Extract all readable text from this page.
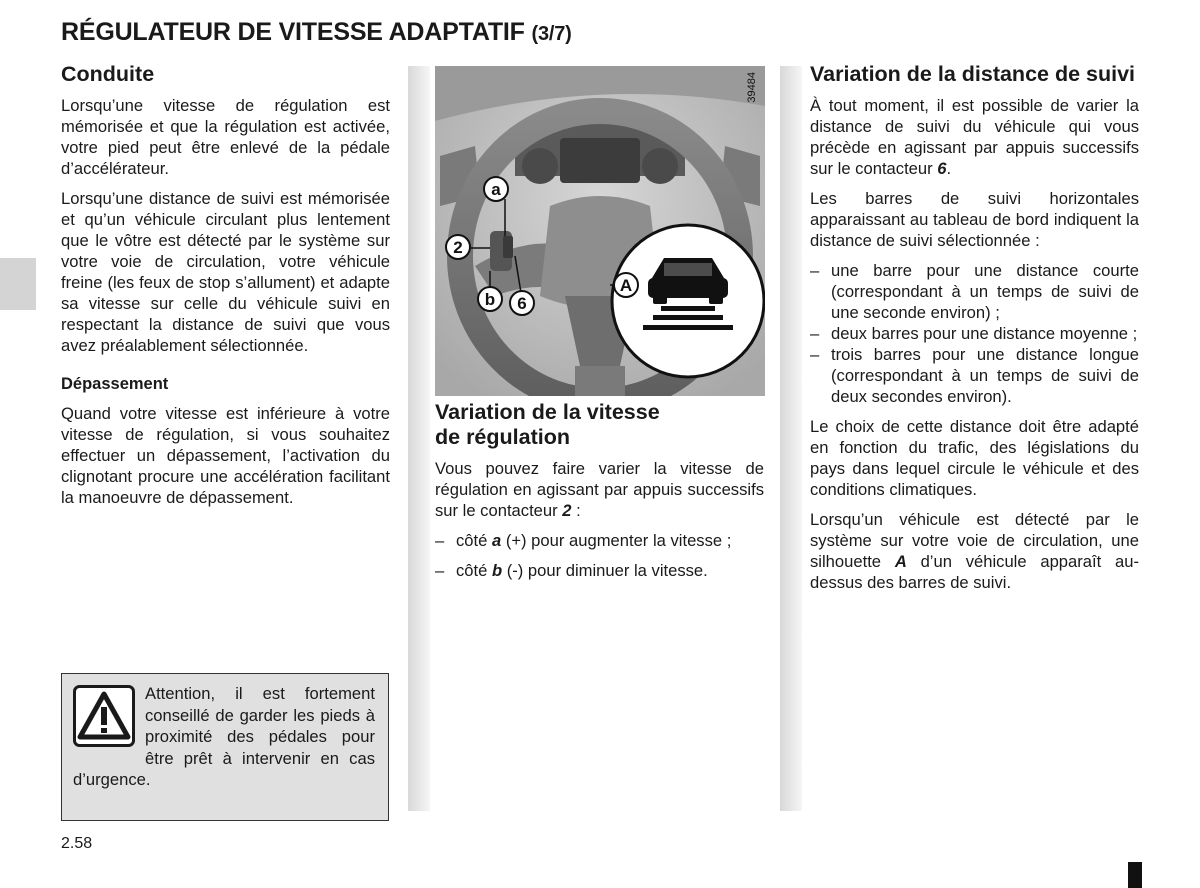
RÉGULATEUR DE VITESSE ADAPTATIF (3/7)
Conduite

Lorsqu’une vitesse de régulation est mémorisée et que la régulation est activée, votre pied peut être enlevé de la pédale d’accélérateur.

Lorsqu’une distance de suivi est mémorisée et qu’un véhicule circulant plus lentement que le vôtre est détecté par le système sur votre voie de circulation, votre véhicule freine (les feux de stop s’allument) et adapte sa vitesse sur celle du véhicule suivi en respectant la distance de suivi que vous avez préalablement sélectionnée.

Dépassement

Quand votre vitesse est inférieure à votre vitesse de régulation, si vous souhaitez effectuer un dépassement, l’activation du clignotant procure une accélération facilitant la manoeuvre de dépassement.

Attention, il est fortement conseillé de garder les pieds à proximité des pédales pour être prêt à intervenir en cas d’urgence.

a
2
b 6
A
39484
Variation de la vitesse
de régulation

Vous pouvez faire varier la vitesse de régulation en agissant par appuis successifs sur le contacteur 2 :

– côté a (+) pour augmenter la vitesse ;
– côté b (-) pour diminuer la vitesse.
Variation de la distance de suivi

À tout moment, il est possible de varier la distance de suivi du véhicule qui vous précède en agissant par appuis successifs sur le contacteur 6.

Les barres de suivi horizontales apparaissant au tableau de bord indiquent la distance de suivi sélectionnée :

– une barre pour une distance courte (correspondant à un temps de suivi de une seconde environ) ;
– deux barres pour une distance moyenne ;
– trois barres pour une distance longue (correspondant à un temps de suivi de deux secondes environ).

Le choix de cette distance doit être adapté en fonction du trafic, des législations du pays dans lequel circule le véhicule et des conditions climatiques.

Lorsqu’un véhicule est détecté par le système sur votre voie de circulation, une silhouette A d’un véhicule apparaît au-dessus des barres de suivi.

2.58
